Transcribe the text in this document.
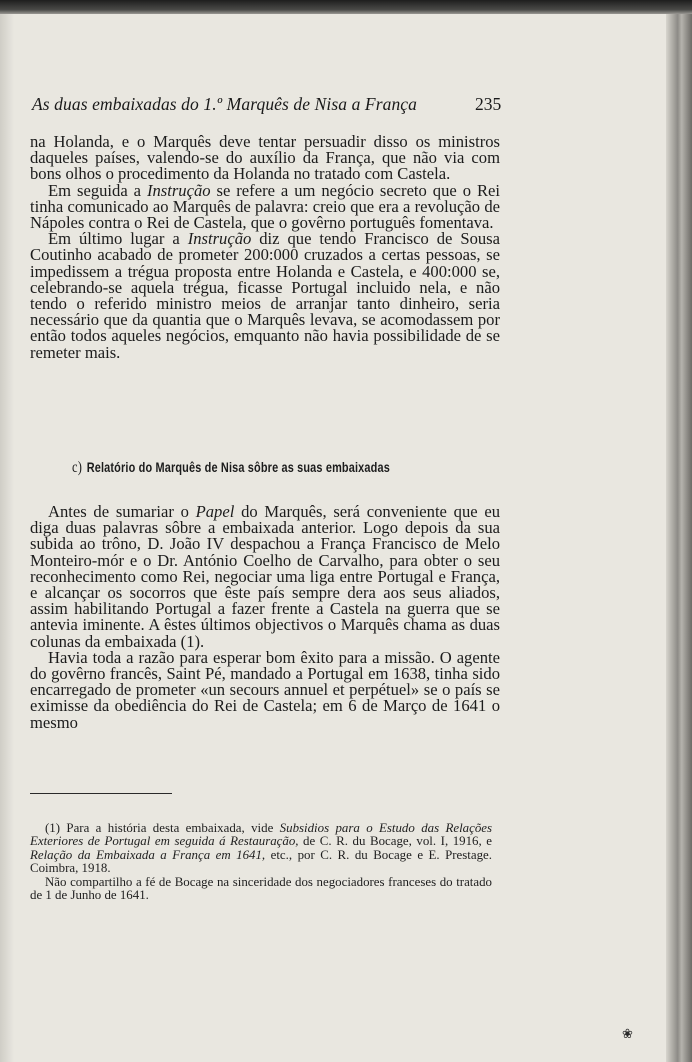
As duas embaixadas do 1.º Marquês de Nisa a França	235

na Holanda, e o Marquês deve tentar persuadir disso os ministros daqueles países, valendo-se do auxílio da França, que não via com bons olhos o procedimento da Holanda no tratado com Castela.

Em seguida a Instrução se refere a um negócio secreto que o Rei tinha comunicado ao Marquês de palavra: creio que era a revolução de Nápoles contra o Rei de Castela, que o govêrno português fomentava.

Em último lugar a Instrução diz que tendo Francisco de Sousa Coutinho acabado de prometer 200:000 cruzados a certas pessoas, se impedissem a trégua proposta entre Holanda e Castela, e 400:000 se, celebrando-se aquela trégua, ficasse Portugal incluido nela, e não tendo o referido ministro meios de arranjar tanto dinheiro, seria necessário que da quantia que o Marquês levava, se acomodassem por então todos aqueles negócios, emquanto não havia possibilidade de se remeter mais.

c) Relatório do Marquês de Nisa sôbre as suas embaixadas

Antes de sumariar o Papel do Marquês, será conveniente que eu diga duas palavras sôbre a embaixada anterior. Logo depois da sua subida ao trôno, D. João IV despachou a França Francisco de Melo Monteiro-mór e o Dr. António Coelho de Carvalho, para obter o seu reconhecimento como Rei, negociar uma liga entre Portugal e França, e alcançar os socorros que êste país sempre dera aos seus aliados, assim habilitando Portugal a fazer frente a Castela na guerra que se antevia iminente. A êstes últimos objectivos o Marquês chama as duas colunas da embaixada (1).

Havia toda a razão para esperar bom êxito para a missão. O agente do govêrno francês, Saint Pé, mandado a Portugal em 1638, tinha sido encarregado de prometer «un secours annuel et perpétuel» se o país se eximisse da obediência do Rei de Castela; em 6 de Março de 1641 o mesmo

(1) Para a história desta embaixada, vide Subsidios para o Estudo das Relações Exteriores de Portugal em seguida á Restauração, de C. R. du Bocage, vol. I, 1916, e Relação da Embaixada a França em 1641, etc., por C. R. du Bocage e E. Prestage. Coimbra, 1918.

Não compartilho a fé de Bocage na sinceridade dos negociadores franceses do tratado de 1 de Junho de 1641.

❀
